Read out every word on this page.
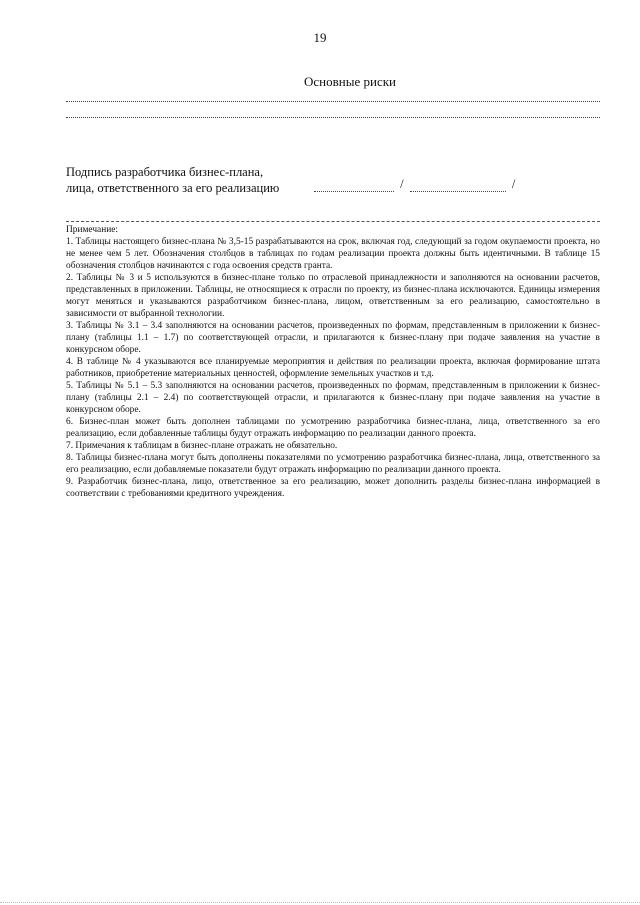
19
Основные риски
Подпись разработчика бизнес-плана,
лица, ответственного за его реализацию	/	/

Примечание:

1. Таблицы настоящего бизнес-плана № 3,5-15 разрабатываются на срок, включая год, следующий за годом окупаемости проекта, но не менее чем 5 лет. Обозначения столбцов в таблицах по годам реализации проекта должны быть идентичными. В таблице 15 обозначения столбцов начинаются с года освоения средств гранта.

2. Таблицы № 3 и 5 используются в бизнес-плане только по отраслевой принадлежности и заполняются на основании расчетов, представленных в приложении. Таблицы, не относящиеся к отрасли по проекту, из бизнес-плана исключаются. Единицы измерения могут меняться и указываются разработчиком бизнес-плана, лицом, ответственным за его реализацию, самостоятельно в зависимости от выбранной технологии.

3. Таблицы № 3.1 – 3.4 заполняются на основании расчетов, произведенных по формам, представленным в приложении к бизнес-плану (таблицы 1.1 – 1.7) по соответствующей отрасли, и прилагаются к бизнес-плану при подаче заявления на участие в конкурсном оборе.

4. В таблице № 4 указываются все планируемые мероприятия и действия по реализации проекта, включая формирование штата работников, приобретение материальных ценностей, оформление земельных участков и т.д.

5. Таблицы № 5.1 – 5.3 заполняются на основании расчетов, произведенных по формам, представленным в приложении к бизнес-плану (таблицы 2.1 – 2.4) по соответствующей отрасли, и прилагаются к бизнес-плану при подаче заявления на участие в конкурсном оборе.

6. Бизнес-план может быть дополнен таблицами по усмотрению разработчика бизнес-плана, лица, ответственного за его реализацию, если добавленные таблицы будут отражать информацию по реализации данного проекта.

7. Примечания к таблицам в бизнес-плане отражать не обязательно.

8. Таблицы бизнес-плана могут быть дополнены показателями по усмотрению разработчика бизнес-плана, лица, ответственного за его реализацию, если добавляемые показатели будут отражать информацию по реализации данного проекта.

9. Разработчик бизнес-плана, лицо, ответственное за его реализацию, может дополнить разделы бизнес-плана информацией в соответствии с требованиями кредитного учреждения.
